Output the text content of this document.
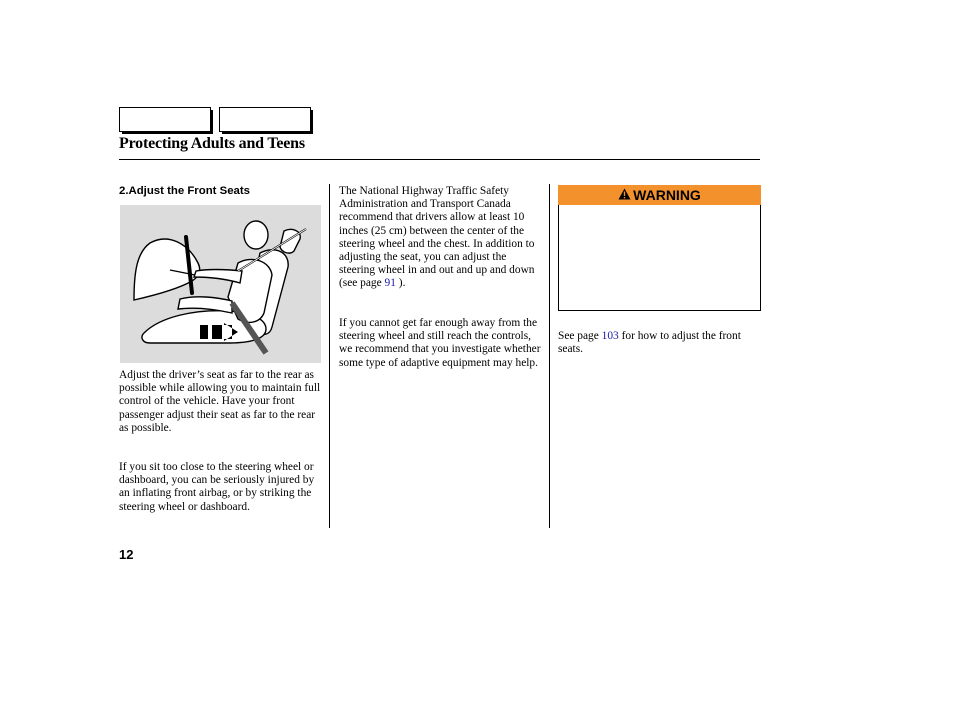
Protecting Adults and Teens
2.Adjust the Front Seats

Adjust the driver’s seat as far to the rear as possible while allowing you to maintain full control of the vehicle. Have your front passenger adjust their seat as far to the rear as possible.

If you sit too close to the steering wheel or dashboard, you can be seriously injured by an inflating front airbag, or by striking the steering wheel or dashboard.

The National Highway Traffic Safety Administration and Transport Canada recommend that drivers allow at least 10 inches (25 cm) between the center of the steering wheel and the chest. In addition to adjusting the seat, you can adjust the steering wheel in and out and up and down (see page 91 ).

If you cannot get far enough away from the steering wheel and still reach the controls, we recommend that you investigate whether some type of adaptive equipment may help.

WARNING

See page 103 for how to adjust the front seats.

12
